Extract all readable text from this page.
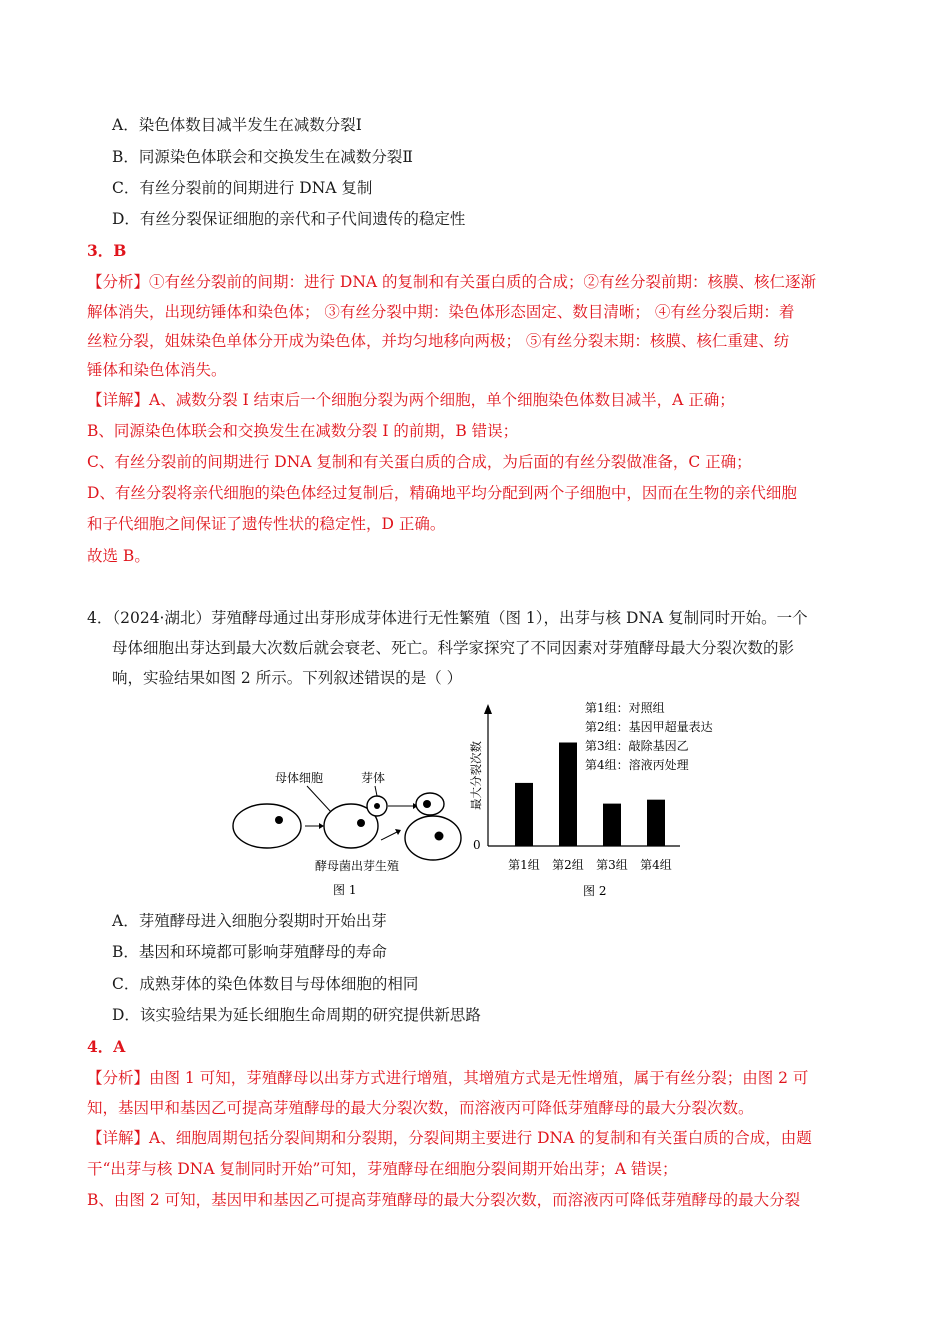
A．染色体数目减半发生在减数分裂Ⅰ
B．同源染色体联会和交换发生在减数分裂Ⅱ
C．有丝分裂前的间期进行 DNA 复制
D．有丝分裂保证细胞的亲代和子代间遗传的稳定性
3．B
【分析】①有丝分裂前的间期：进行 DNA 的复制和有关蛋白质的合成；②有丝分裂前期：核膜、核仁逐渐
解体消失，出现纺锤体和染色体； ③有丝分裂中期：染色体形态固定、数目清晰； ④有丝分裂后期：着
丝粒分裂，姐妹染色单体分开成为染色体，并均匀地移向两极； ⑤有丝分裂末期：核膜、核仁重建、纺
锤体和染色体消失。
【详解】A、减数分裂 I 结束后一个细胞分裂为两个细胞，单个细胞染色体数目减半，A 正确；
B、同源染色体联会和交换发生在减数分裂 I 的前期，B 错误；
C、有丝分裂前的间期进行 DNA 复制和有关蛋白质的合成，为后面的有丝分裂做准备，C 正确；
D、有丝分裂将亲代细胞的染色体经过复制后，精确地平均分配到两个子细胞中，因而在生物的亲代细胞
和子代细胞之间保证了遗传性状的稳定性，D 正确。
故选 B。
4．（2024·湖北）芽殖酵母通过出芽形成芽体进行无性繁殖（图 1），出芽与核 DNA 复制同时开始。一个
母体细胞出芽达到最大次数后就会衰老、死亡。科学家探究了不同因素对芽殖酵母最大分裂次数的影
响，实验结果如图 2 所示。下列叙述错误的是（ ）
母体细胞	芽体
酵母菌出芽生殖
图 1
0
最大分裂次数
第1组：对照组
第2组：基因甲超量表达
第3组：敲除基因乙
第4组：溶液丙处理
第1组 第2组 第3组 第4组
图 2
A．芽殖酵母进入细胞分裂期时开始出芽
B．基因和环境都可影响芽殖酵母的寿命
C．成熟芽体的染色体数目与母体细胞的相同
D．该实验结果为延长细胞生命周期的研究提供新思路
4．A
【分析】由图 1 可知，芽殖酵母以出芽方式进行增殖，其增殖方式是无性增殖，属于有丝分裂；由图 2 可
知，基因甲和基因乙可提高芽殖酵母的最大分裂次数，而溶液丙可降低芽殖酵母的最大分裂次数。
【详解】A、细胞周期包括分裂间期和分裂期，分裂间期主要进行 DNA 的复制和有关蛋白质的合成，由题
干“出芽与核 DNA 复制同时开始”可知，芽殖酵母在细胞分裂间期开始出芽；A 错误；
B、由图 2 可知，基因甲和基因乙可提高芽殖酵母的最大分裂次数，而溶液丙可降低芽殖酵母的最大分裂
